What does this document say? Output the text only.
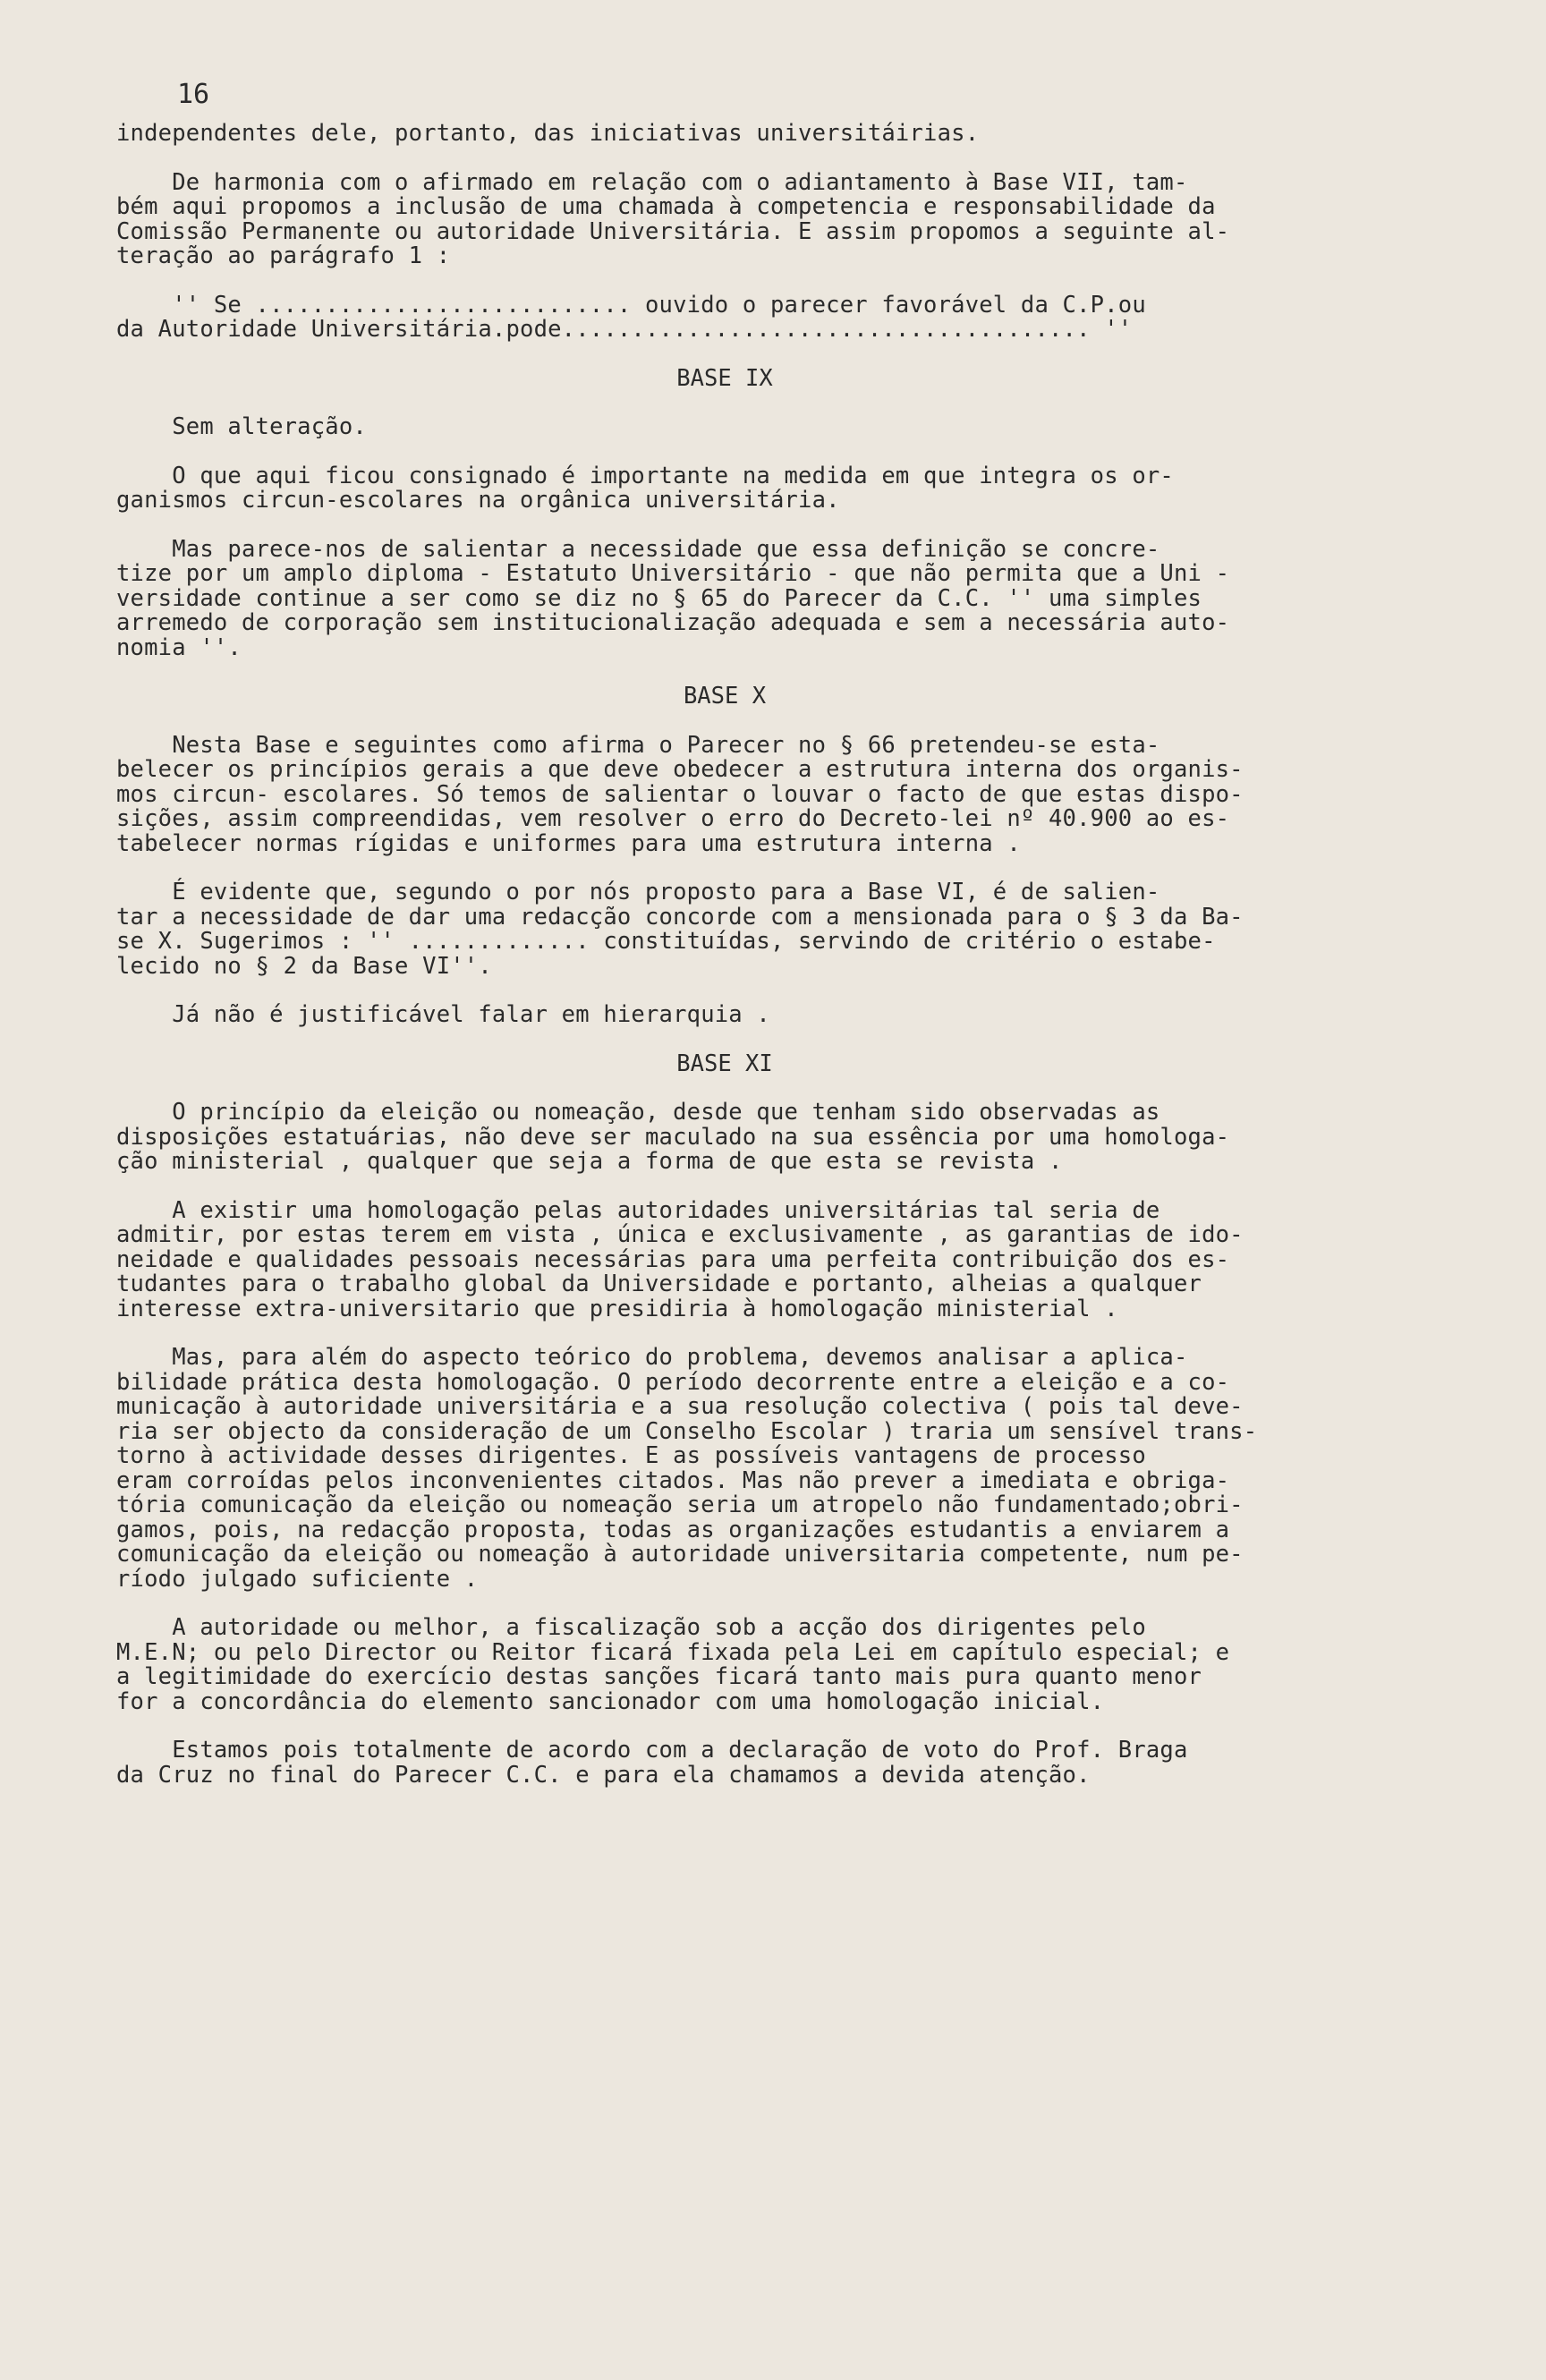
16
independentes dele, portanto, das iniciativas universitáirias.
De harmonia com o afirmado em relação com o adiantamento à Base VII, tam-
bém aqui propomos a inclusão de uma chamada à competencia e responsabilidade da
Comissão Permanente ou autoridade Universitária. E assim propomos a seguinte al-
teração ao parágrafo 1 :
'' Se ........................... ouvido o parecer favorável da C.P.ou
da Autoridade Universitária.pode...................................... ''
BASE IX
Sem alteração.
O que aqui ficou consignado é importante na medida em que integra os or-
ganismos circun-escolares na orgânica universitária.
Mas parece-nos de salientar a necessidade que essa definição se concre-
tize por um amplo diploma - Estatuto Universitário - que não permita que a Uni -
versidade continue a ser como se diz no § 65 do Parecer da C.C. '' uma simples
arremedo de corporação sem institucionalização adequada e sem a necessária auto-
nomia ''.
BASE X
Nesta Base e seguintes como afirma o Parecer no § 66 pretendeu-se esta-
belecer os princípios gerais a que deve obedecer a estrutura interna dos organis-
mos circun- escolares. Só temos de salientar o louvar o facto de que estas dispo-
sições, assim compreendidas, vem resolver o erro do Decreto-lei nº 40.900 ao es-
tabelecer normas rígidas e uniformes para uma estrutura interna .
É evidente que, segundo o por nós proposto para a Base VI, é de salien-
tar a necessidade de dar uma redacção concorde com a mensionada para o § 3 da Ba-
se X. Sugerimos : '' ............. constituídas, servindo de critério o estabe-
lecido no § 2 da Base VI''.
Já não é justificável falar em hierarquia .
BASE XI
O princípio da eleição ou nomeação, desde que tenham sido observadas as
disposições estatuárias, não deve ser maculado na sua essência por uma homologa-
ção ministerial , qualquer que seja a forma de que esta se revista .
A existir uma homologação pelas autoridades universitárias tal seria de
admitir, por estas terem em vista , única e exclusivamente , as garantias de ido-
neidade e qualidades pessoais necessárias para uma perfeita contribuição dos es-
tudantes para o trabalho global da Universidade e portanto, alheias a qualquer
interesse extra-universitario que presidiria à homologação ministerial .
Mas, para além do aspecto teórico do problema, devemos analisar a aplica-
bilidade prática desta homologação. O período decorrente entre a eleição e a co-
municação à autoridade universitária e a sua resolução colectiva ( pois tal deve-
ria ser objecto da consideração de um Conselho Escolar ) traria um sensível trans-
torno à actividade desses dirigentes. E as possíveis vantagens de processo
eram corroídas pelos inconvenientes citados. Mas não prever a imediata e obriga-
tória comunicação da eleição ou nomeação seria um atropelo não fundamentado;obri-
gamos, pois, na redacção proposta, todas as organizações estudantis a enviarem a
comunicação da eleição ou nomeação à autoridade universitaria competente, num pe-
ríodo julgado suficiente .
A autoridade ou melhor, a fiscalização sob a acção dos dirigentes pelo
M.E.N; ou pelo Director ou Reitor ficará fixada pela Lei em capítulo especial; e
a legitimidade do exercício destas sanções ficará tanto mais pura quanto menor
for a concordância do elemento sancionador com uma homologação inicial.
Estamos pois totalmente de acordo com a declaração de voto do Prof. Braga
da Cruz no final do Parecer C.C. e para ela chamamos a devida atenção.
